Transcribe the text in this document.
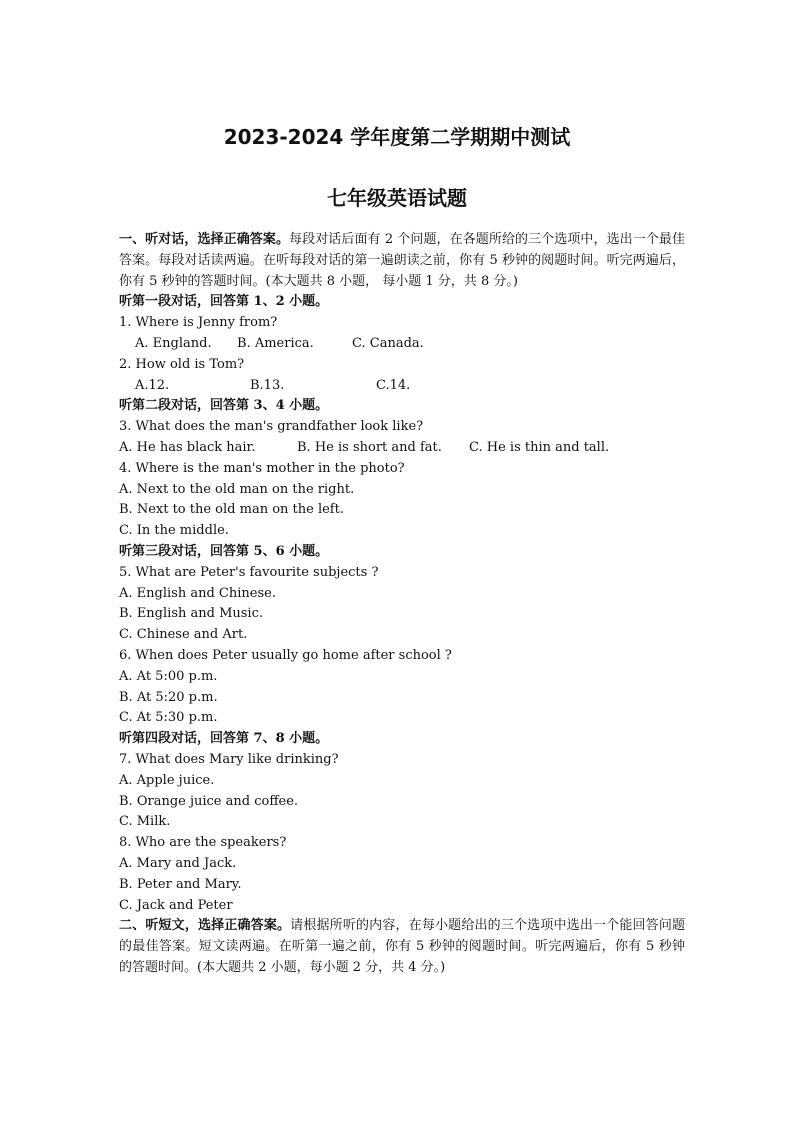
2023-2024 学年度第二学期期中测试
七年级英语试题
一、听对话，选择正确答案。每段对话后面有 2 个问题，在各题所给的三个选项中，选出一个最佳答案。每段对话读两遍。在听每段对话的第一遍朗读之前，你有 5 秒钟的阅题时间。听完两遍后，你有 5 秒钟的答题时间。(本大题共 8 小题， 每小题 1 分，共 8 分。)
听第一段对话，回答第 1、2 小题。
1. Where is Jenny from?
A. England. B. America.	C. Canada.
2. How old is Tom?
A.12.	B.13.	C.14.
听第二段对话，回答第 3、4 小题。
3. What does the man's grandfather look like?
A. He has black hair.	B. He is short and fat. C. He is thin and tall.
4. Where is the man's mother in the photo?
A. Next to the old man on the right.
B. Next to the old man on the left.
C. In the middle.
听第三段对话，回答第 5、6 小题。
5. What are Peter's favourite subjects ?
A. English and Chinese.
B. English and Music.
C. Chinese and Art.
6. When does Peter usually go home after school ?
A. At 5:00 p.m.
B. At 5:20 p.m.
C. At 5:30 p.m.
听第四段对话，回答第 7、8 小题。
7. What does Mary like drinking?
A. Apple juice.
B. Orange juice and coffee.
C. Milk.
8. Who are the speakers?
A. Mary and Jack.
B. Peter and Mary.
C. Jack and Peter
二、听短文，选择正确答案。请根据所听的内容，在每小题给出的三个选项中选出一个能回答问题的最佳答案。短文读两遍。在听第一遍之前，你有 5 秒钟的阅题时间。听完两遍后，你有 5 秒钟的答题时间。(本大题共 2 小题，每小题 2 分，共 4 分。)
